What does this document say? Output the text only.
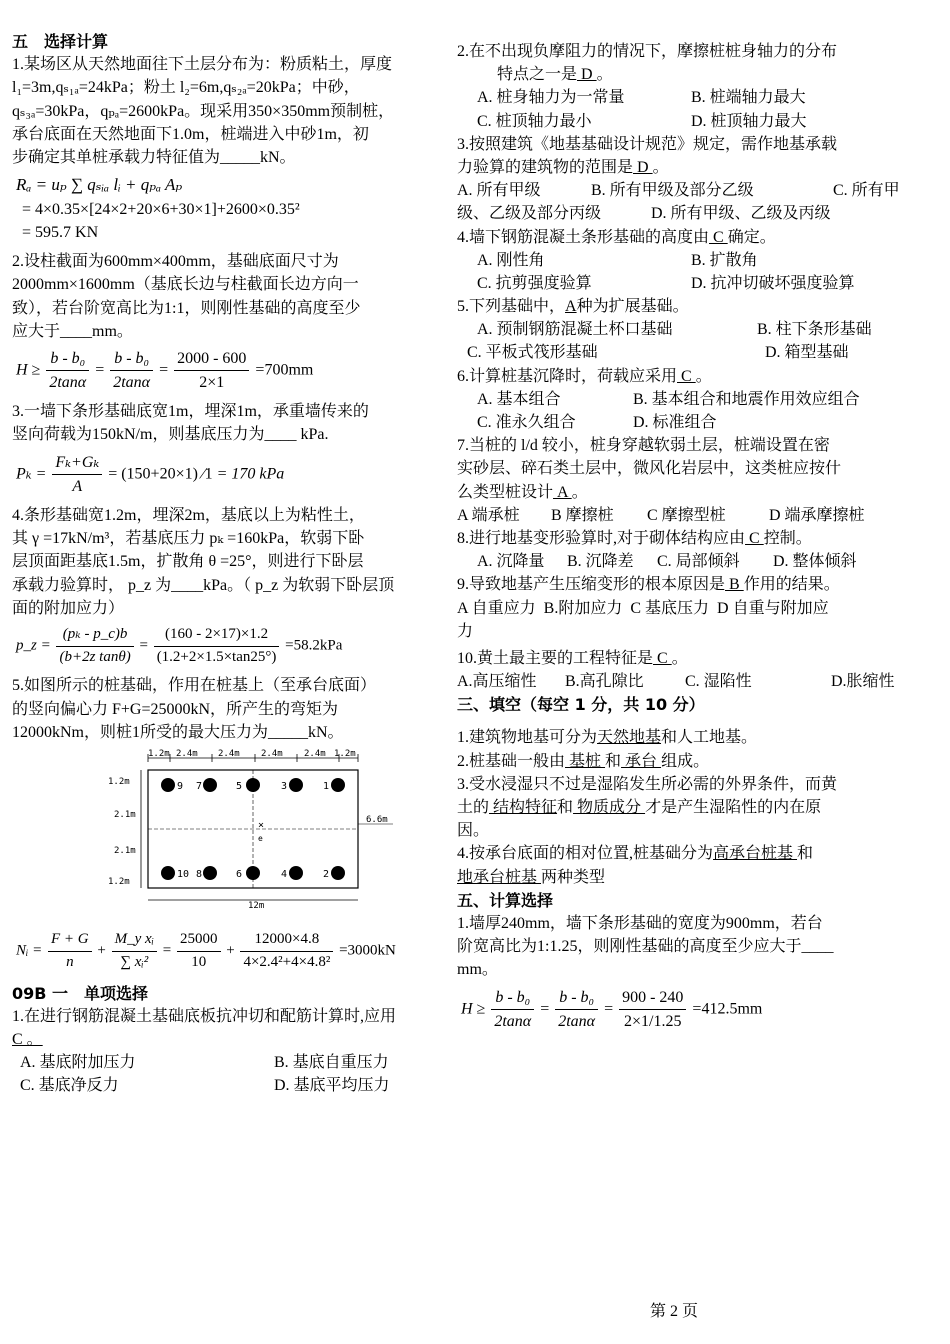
五　选择计算

1.某场区从天然地面往下土层分布为：粉质粘土，厚度

l₁=3m,qₛ₁ₐ=24kPa；粉土 l₂=6m,qₛ₂ₐ=20kPa；中砂，

qₛ₃ₐ=30kPa，qₚₐ=2600kPa。现采用350×350mm预制桩，

承台底面在天然地面下1.0m，桩端进入中砂1m，初

步确定其单桩承载力特征值为_____kN。

Rₐ = uₚ ∑ qₛᵢₐ lᵢ + qₚₐ Aₚ

= 4×0.35×[24×2+20×6+30×1]+2600×0.35²

= 595.7 KN

2.设柱截面为600mm×400mm，基础底面尺寸为

2000mm×1600mm（基底长边与柱截面长边方向一

致），若台阶宽高比为1:1，则刚性基础的高度至少

应大于____mm。

$H \ge \frac{\text{b - b₀}}{2\tan\alpha} = \frac{\text{b - b₀}}{2\tan\alpha} = \frac{2000 - 600}{2\times 1} =700mm$

3.一墙下条形基础底宽1m，埋深1m，承重墙传来的

竖向荷载为150kN/m，则基底压力为____ kPa.

$P_k = \frac{\text{Fₖ+Gₖ}}{A} = (150+20\times 1)$ ⁄1 = 170 kPa

4.条形基础宽1.2m，埋深2m，基底以上为粘性土，

其 γ =17kN/m³，若基底压力 pₖ =160kPa，软弱下卧

层顶面距基底1.5m，扩散角 θ =25°，则进行下卧层

承载力验算时， p_z 为____kPa。（ p_z 为软弱下卧层顶

面的附加应力）

p_z = $\frac{\text{(pₖ - p\_c)b}}{\text{(b+2z tanθ)}} = \frac{(160 - 2\times 17)\times 1.2}{(1.2+2\times 1.5\times\tan 25^\circ)} =58.2kPa$

5.如图所示的桩基础，作用在桩基上（至承台底面）

的竖向偏心力 F+G=25000kN，所产生的弯矩为

12000kNm，则桩1所受的最大压力为_____kN。

1.2m 2.4m 2.4m 2.4m 2.4m 1.2m
1.2m
2.1m
2.1m
1.2m
6.6m
×
e
9 7	5	3	1
10 8	6	4	2
12m
Nᵢ = $\frac{F + G}{n} + \frac{\text{M\_y xᵢ}}{\text{∑ xᵢ²}} = \frac{25000}{10} + \frac{12000\times 4.8}{\text{4×2.4²+4×4.8²}} =3000kN$

09B 一　单项选择

1.在进行钢筋混凝土基础底板抗冲切和配筋计算时,应用

C 。

A. 基底附加压力	B. 基底自重压力
C. 基底净反力	D. 基底平均压力

2.在不出现负摩阻力的情况下，摩擦桩桩身轴力的分布

特点之一是 D 。

A. 桩身轴力为一常量	B. 桩端轴力最大
C. 桩顶轴力最小	D. 桩顶轴力最大

3.按照建筑《地基基础设计规范》规定，需作地基承载

力验算的建筑物的范围是 D 。

A. 所有甲级	B. 所有甲级及部分乙级	C. 所有甲
级、乙级及部分丙级	D. 所有甲级、乙级及丙级

4.墙下钢筋混凝土条形基础的高度由 C 确定。

A. 刚性角	B. 扩散角
C. 抗剪强度验算	D. 抗冲切破坏强度验算

5.下列基础中，A种为扩展基础。

A. 预制钢筋混凝土杯口基础	B. 柱下条形基础
C. 平板式筏形基础	D. 箱型基础

6.计算桩基沉降时，荷载应采用 C 。

A. 基本组合	B. 基本组合和地震作用效应组合
C. 准永久组合	D. 标准组合

7.当桩的 l/d 较小，桩身穿越软弱土层，桩端设置在密

实砂层、碎石类土层中，微风化岩层中，这类桩应按什

么类型桩设计 A 。

A 端承桩	B 摩擦桩	C 摩擦型桩	D 端承摩擦桩

8.进行地基变形验算时,对于砌体结构应由 C 控制。

A. 沉降量	B. 沉降差	C. 局部倾斜	D. 整体倾斜

9.导致地基产生压缩变形的根本原因是 B 作用的结果。

A 自重应力  B.附加应力  C 基底压力  D 自重与附加应

力

10.黄土最主要的工程特征是 C 。

A.高压缩性	B.高孔隙比	C. 湿陷性	D.胀缩性

三、填空（每空 1 分，共 10 分）

1.建筑物地基可分为天然地基和人工地基。

2.桩基础一般由 基桩 和 承台 组成。

3.受水浸湿只不过是湿陷发生所必需的外界条件，而黄

土的 结构特征和 物质成分 才是产生湿陷性的内在原

因。

4.按承台底面的相对位置,桩基础分为高承台桩基 和

地承台桩基 两种类型

五、计算选择

1.墙厚240mm，墙下条形基础的宽度为900mm，若台

阶宽高比为1:1.25，则刚性基础的高度至少应大于____

mm。

$H \ge \frac{\text{b - b₀}}{2\tan\alpha} = \frac{\text{b - b₀}}{2\tan\alpha} = \frac{900 - 240}{2\times 1/1.25} =412.5mm$
第 2 页
